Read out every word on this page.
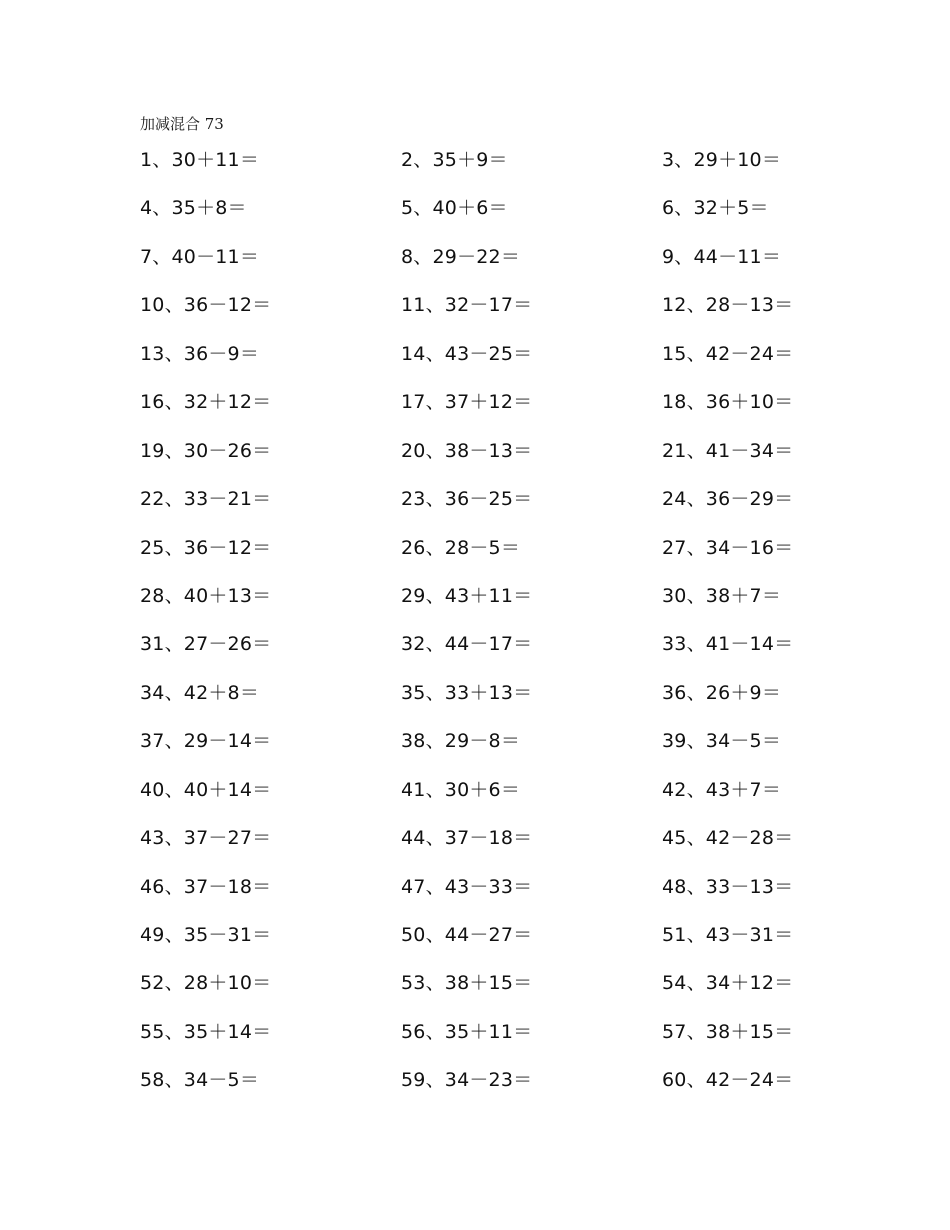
加减混合 73
1、30＋11＝	2、35＋9＝	3、29＋10＝
4、35＋8＝	5、40＋6＝	6、32＋5＝
7、40－11＝	8、29－22＝	9、44－11＝
10、36－12＝	11、32－17＝	12、28－13＝
13、36－9＝	14、43－25＝	15、42－24＝
16、32＋12＝	17、37＋12＝	18、36＋10＝
19、30－26＝	20、38－13＝	21、41－34＝
22、33－21＝	23、36－25＝	24、36－29＝
25、36－12＝	26、28－5＝	27、34－16＝
28、40＋13＝	29、43＋11＝	30、38＋7＝
31、27－26＝	32、44－17＝	33、41－14＝
34、42＋8＝	35、33＋13＝	36、26＋9＝
37、29－14＝	38、29－8＝	39、34－5＝
40、40＋14＝	41、30＋6＝	42、43＋7＝
43、37－27＝	44、37－18＝	45、42－28＝
46、37－18＝	47、43－33＝	48、33－13＝
49、35－31＝	50、44－27＝	51、43－31＝
52、28＋10＝	53、38＋15＝	54、34＋12＝
55、35＋14＝	56、35＋11＝	57、38＋15＝
58、34－5＝	59、34－23＝	60、42－24＝
